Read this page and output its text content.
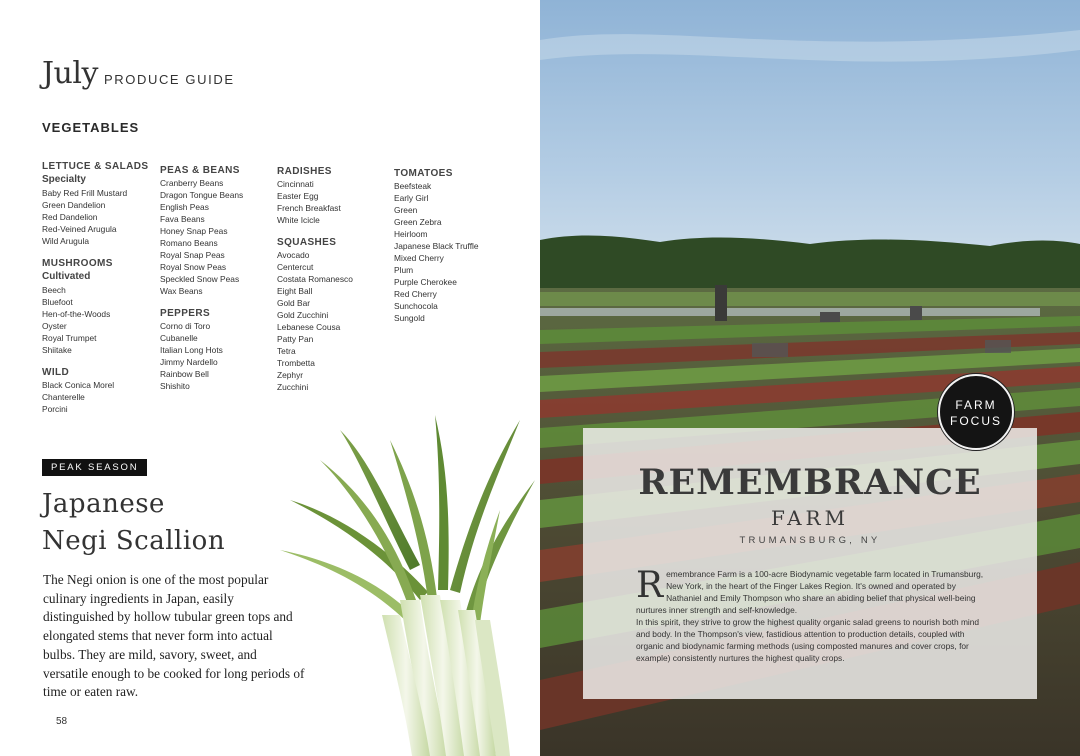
July PRODUCE GUIDE
VEGETABLES
LETTUCE & SALADS
Specialty
Baby Red Frill Mustard
Green Dandelion
Red Dandelion
Red-Veined Arugula
Wild Arugula
MUSHROOMS
Cultivated
Beech
Bluefoot
Hen-of-the-Woods
Oyster
Royal Trumpet
Shiitake
WILD
Black Conica Morel
Chanterelle
Porcini
PEAS & BEANS
Cranberry Beans
Dragon Tongue Beans
English Peas
Fava Beans
Honey Snap Peas
Romano Beans
Royal Snap Peas
Royal Snow Peas
Speckled Snow Peas
Wax Beans
PEPPERS
Corno di Toro
Cubanelle
Italian Long Hots
Jimmy Nardello
Rainbow Bell
Shishito
RADISHES
Cincinnati
Easter Egg
French Breakfast
White Icicle
SQUASHES
Avocado
Centercut
Costata Romanesco
Eight Ball
Gold Bar
Gold Zucchini
Lebanese Cousa
Patty Pan
Tetra
Trombetta
Zephyr
Zucchini
TOMATOES
Beefsteak
Early Girl
Green
Green Zebra
Heirloom
Japanese Black Truffle
Mixed Cherry
Plum
Purple Cherokee
Red Cherry
Sunchocola
Sungold
PEAK SEASON
Japanese
Negi Scallion
The Negi onion is one of the most popular culinary ingredients in Japan, easily distinguished by hollow tubular green tops and elongated stems that never form into actual bulbs. They are mild, savory, sweet, and versatile enough to be cooked for long periods of time or eaten raw.
58
FARM
FOCUS
REMEMBRANCE
FARM
TRUMANSBURG, NY
R emembrance Farm is a 100-acre Biodynamic vegetable farm located in Trumansburg, New York, in the heart of the Finger Lakes Region. It's owned and operated by Nathaniel and Emily Thompson who share an abiding belief that physical well-being nurtures inner strength and self-knowledge.
In this spirit, they strive to grow the highest quality organic salad greens to nourish both mind and body. In the Thompson's view, fastidious attention to production details, coupled with organic and biodynamic farming methods (using composted manures and cover crops, for example) consistently nurtures the highest quality crops.
